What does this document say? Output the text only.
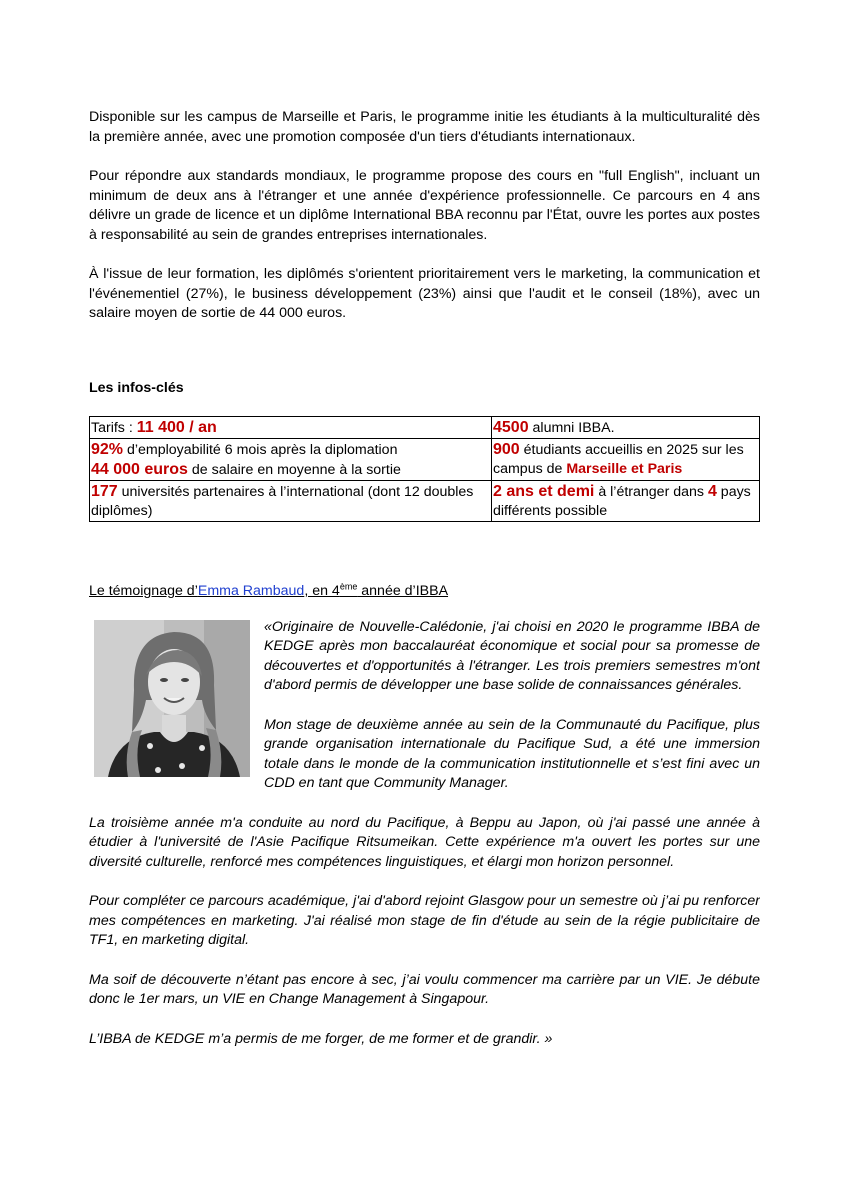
Disponible sur les campus de Marseille et Paris, le programme initie les étudiants à la multiculturalité dès la première année, avec une promotion composée d'un tiers d'étudiants internationaux.

Pour répondre aux standards mondiaux, le programme propose des cours en "full English", incluant un minimum de deux ans à l'étranger et une année d'expérience professionnelle. Ce parcours en 4 ans délivre un grade de licence et un diplôme International BBA reconnu par l'État, ouvre les portes aux postes à responsabilité au sein de grandes entreprises internationales.

À l'issue de leur formation, les diplômés s'orientent prioritairement vers le marketing, la communication et l'événementiel (27%), le business développement (23%) ainsi que l'audit et le conseil (18%), avec un salaire moyen de sortie de 44 000 euros.

Les infos-clés

Tarifs : 11 400 / an	4500 alumni IBBA.
92% d’employabilité 6 mois après la diplomation
44 000 euros de salaire en moyenne à la sortie	900 étudiants accueillis en 2025 sur les campus de Marseille et Paris
177 universités partenaires à l’international (dont 12 doubles diplômes)	2 ans et demi à l’étranger dans 4 pays différents possible

Le témoignage d’Emma Rambaud, en 4ème année d’IBBA

«Originaire de Nouvelle-Calédonie, j'ai choisi en 2020 le programme IBBA de KEDGE après mon baccalauréat économique et social pour sa promesse de découvertes et d'opportunités à l'étranger. Les trois premiers semestres m'ont d'abord permis de développer une base solide de connaissances générales.

Mon stage de deuxième année au sein de la Communauté du Pacifique, plus grande organisation internationale du Pacifique Sud, a été une immersion totale dans le monde de la communication institutionnelle et s’est fini avec un CDD en tant que Community Manager.

La troisième année m'a conduite au nord du Pacifique, à Beppu au Japon, où j'ai passé une année à étudier à l'université de l'Asie Pacifique Ritsumeikan. Cette expérience m'a ouvert les portes sur une diversité culturelle, renforcé mes compétences linguistiques, et élargi mon horizon personnel.

Pour compléter ce parcours académique, j'ai d'abord rejoint Glasgow pour un semestre où j’ai pu renforcer mes compétences en marketing. J'ai réalisé mon stage de fin d'étude au sein de la régie publicitaire de TF1, en marketing digital.

Ma soif de découverte n’étant pas encore à sec, j’ai voulu commencer ma carrière par un VIE. Je débute donc le 1er mars, un VIE en Change Management à Singapour.

L’IBBA de KEDGE m’a permis de me forger, de me former et de grandir. »
